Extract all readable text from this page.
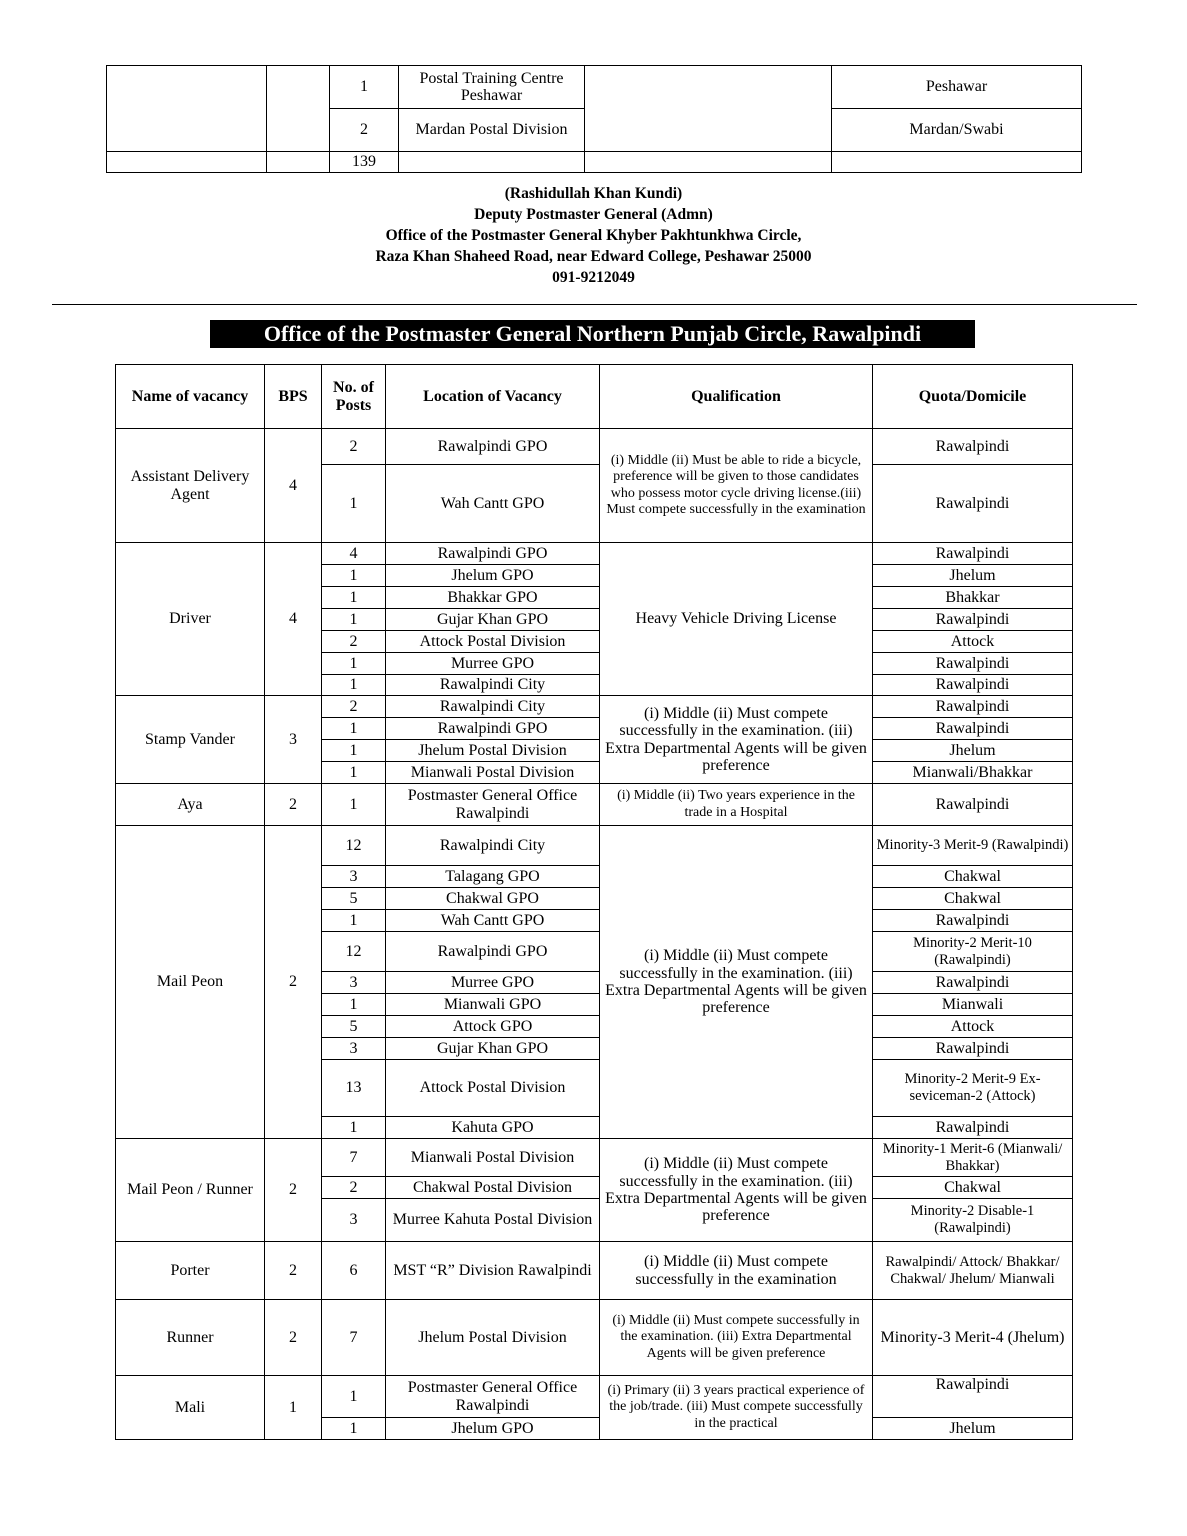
		1	Postal Training Centre Peshawar		Peshawar
		2	Mardan Postal Division		Mardan/Swabi
		139			
(Rashidullah Khan Kundi)
Deputy Postmaster General (Admn)
Office of the Postmaster General Khyber Pakhtunkhwa Circle,
Raza Khan Shaheed Road, near Edward College, Peshawar 25000
091-9212049
Office of the Postmaster General Northern Punjab Circle, Rawalpindi
Name of vacancy	BPS	No. of Posts	Location of Vacancy	Qualification	Quota/Domicile
Assistant Delivery Agent	4	2	Rawalpindi GPO	(i) Middle (ii) Must be able to ride a bicycle, preference will be given to those candidates who possess motor cycle driving license.(iii) Must compete successfully in the examination	Rawalpindi
		1	Wah Cantt GPO		Rawalpindi
Driver	4	4	Rawalpindi GPO	Heavy Vehicle Driving License	Rawalpindi
		1	Jhelum GPO		Jhelum
		1	Bhakkar GPO		Bhakkar
		1	Gujar Khan GPO		Rawalpindi
		2	Attock Postal Division		Attock
		1	Murree GPO		Rawalpindi
		1	Rawalpindi City		Rawalpindi
Stamp Vander	3	2	Rawalpindi City	(i) Middle (ii) Must compete successfully in the examination. (iii) Extra Departmental Agents will be given preference	Rawalpindi
		1	Rawalpindi GPO		Rawalpindi
		1	Jhelum Postal Division		Jhelum
		1	Mianwali Postal Division		Mianwali/Bhakkar
Aya	2	1	Postmaster General Office Rawalpindi	(i) Middle (ii) Two years experience in the trade in a Hospital	Rawalpindi
Mail Peon	2	12	Rawalpindi City	(i) Middle (ii) Must compete successfully in the examination. (iii) Extra Departmental Agents will be given preference	Minority-3 Merit-9 (Rawalpindi)
		3	Talagang GPO		Chakwal
		5	Chakwal GPO		Chakwal
		1	Wah Cantt GPO		Rawalpindi
		12	Rawalpindi GPO		Minority-2 Merit-10 (Rawalpindi)
		3	Murree GPO		Rawalpindi
		1	Mianwali GPO		Mianwali
		5	Attock GPO		Attock
		3	Gujar Khan GPO		Rawalpindi
		13	Attock Postal Division		Minority-2 Merit-9 Ex-seviceman-2 (Attock)
		1	Kahuta GPO		Rawalpindi
Mail Peon / Runner	2	7	Mianwali Postal Division	(i) Middle (ii) Must compete successfully in the examination. (iii) Extra Departmental Agents will be given preference	Minority-1 Merit-6 (Mianwali/ Bhakkar)
		2	Chakwal Postal Division		Chakwal
		3	Murree Kahuta Postal Division		Minority-2 Disable-1 (Rawalpindi)
Porter	2	6	MST “R” Division Rawalpindi	(i) Middle (ii) Must compete successfully in the examination	Rawalpindi/ Attock/ Bhakkar/ Chakwal/ Jhelum/ Mianwali
Runner	2	7	Jhelum Postal Division	(i) Middle (ii) Must compete successfully in the examination. (iii) Extra Departmental Agents will be given preference	Minority-3 Merit-4 (Jhelum)
Mali	1	1	Postmaster General Office Rawalpindi	(i) Primary (ii) 3 years practical experience of the job/trade. (iii) Must compete successfully in the practical	Rawalpindi
		1	Jhelum GPO		Jhelum
